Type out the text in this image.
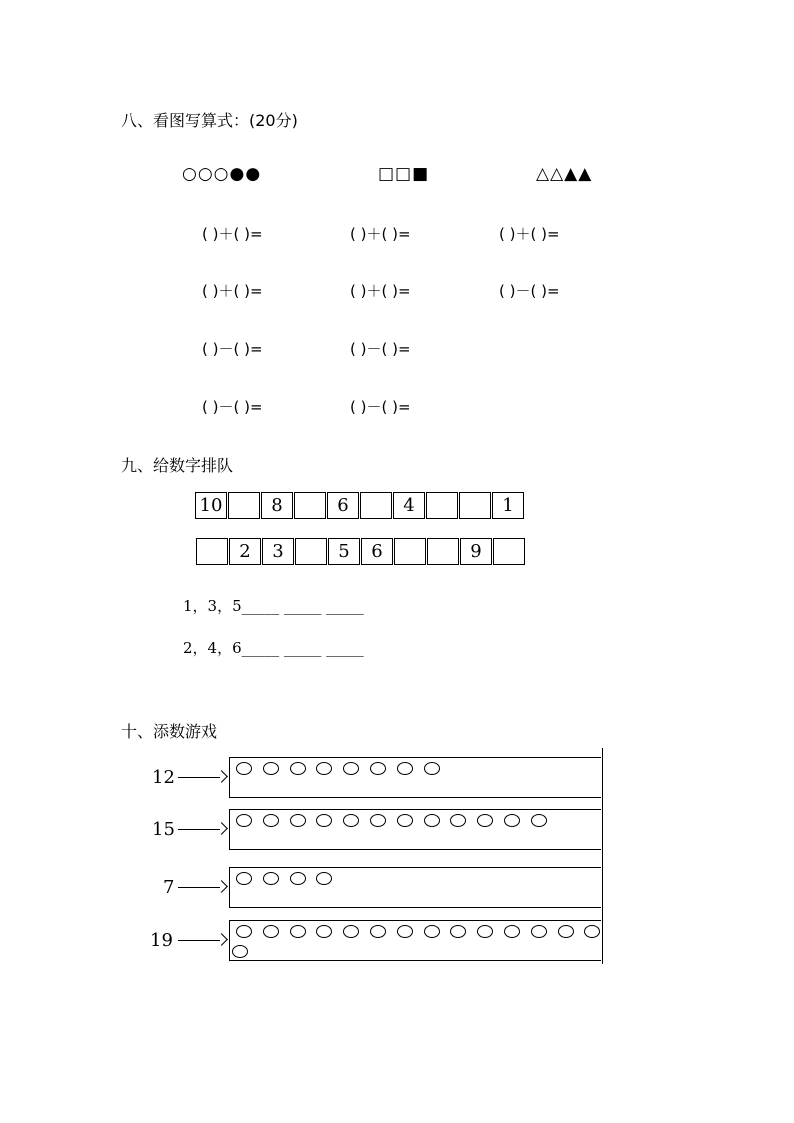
八、看图写算式：(20分)
○○○●●	□□■	△△▲▲
( )＋( )=	( )＋( )=	( )＋( )=
( )＋( )=	( )＋( )=	( )－( )=
( )－( )=	( )－( )=
( )－( )=	( )－( )=
九、给数字排队
10	8	6	4	1
2	3	5	6	9
1，3，5_____ _____ _____
2，4，6_____ _____ _____
十、添数游戏
12
15
7
19
